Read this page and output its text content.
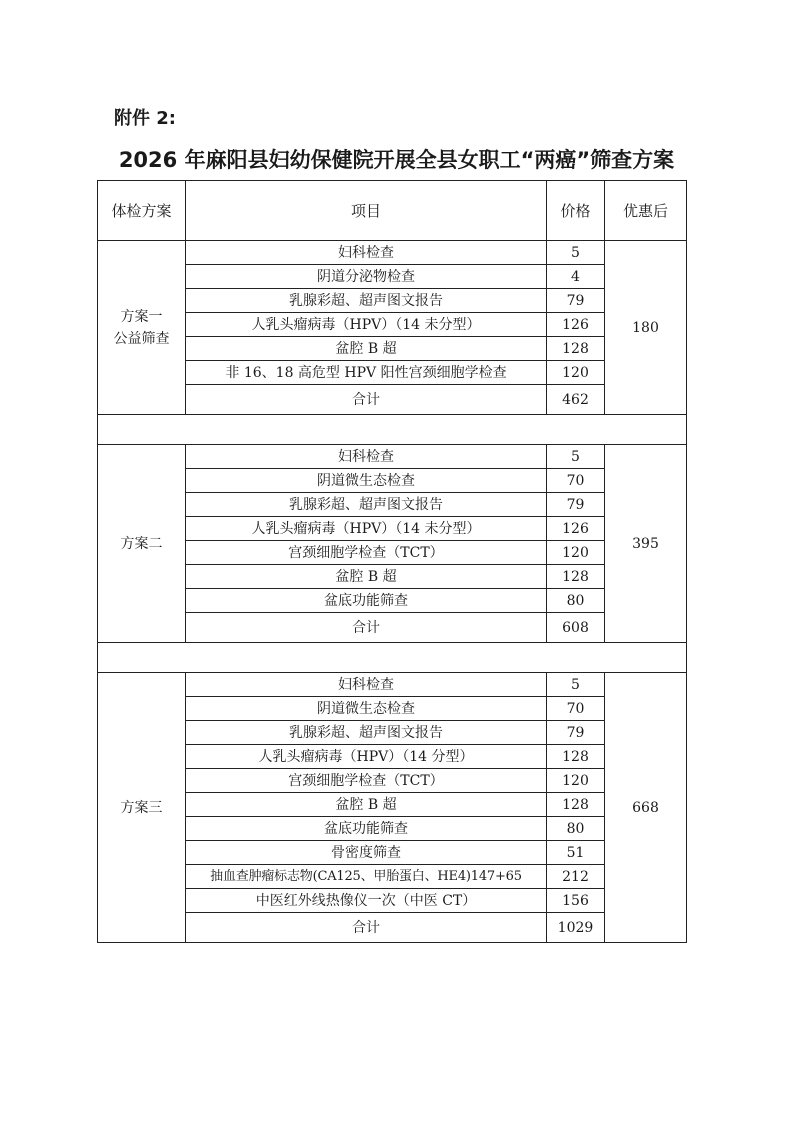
附件 2:
2026 年麻阳县妇幼保健院开展全县女职工“两癌”筛查方案
体检方案	项目	价格	优惠后
方案一
公益筛查	妇科检查	5	180
	阴道分泌物检查	4	
	乳腺彩超、超声图文报告	79	
	人乳头瘤病毒（HPV）（14 未分型）	126	
	盆腔 B 超	128	
	非 16、18 高危型 HPV 阳性宫颈细胞学检查	120	
	合计	462	

方案二	妇科检查	5	395
	阴道微生态检查	70	
	乳腺彩超、超声图文报告	79	
	人乳头瘤病毒（HPV）（14 未分型）	126	
	宫颈细胞学检查（TCT）	120	
	盆腔 B 超	128	
	盆底功能筛查	80	
	合计	608	

方案三	妇科检查	5	668
	阴道微生态检查	70	
	乳腺彩超、超声图文报告	79	
	人乳头瘤病毒（HPV）（14 分型）	128	
	宫颈细胞学检查（TCT）	120	
	盆腔 B 超	128	
	盆底功能筛查	80	
	骨密度筛查	51	
	抽血查肿瘤标志物(CA125、甲胎蛋白、HE4)147+65	212	
	中医红外线热像仪一次（中医 CT）	156	
	合计	1029	
